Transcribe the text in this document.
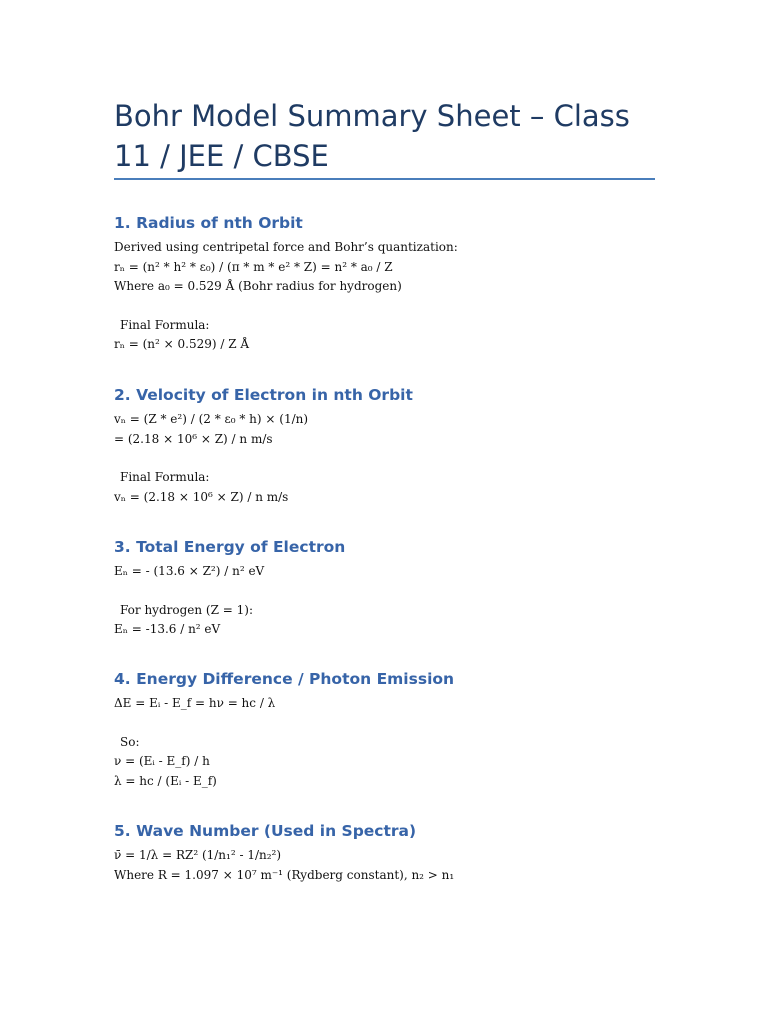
Bohr Model Summary Sheet – Class 11 / JEE / CBSE
1. Radius of nth Orbit

Derived using centripetal force and Bohr’s quantization:

rₙ = (n² * h² * ε₀) / (π * m * e² * Z) = n² * a₀ / Z

Where a₀ = 0.529 Å (Bohr radius for hydrogen)

Final Formula:

rₙ = (n² × 0.529) / Z Å

2. Velocity of Electron in nth Orbit

vₙ = (Z * e²) / (2 * ε₀ * h) × (1/n)

= (2.18 × 10⁶ × Z) / n m/s

Final Formula:

vₙ = (2.18 × 10⁶ × Z) / n m/s

3. Total Energy of Electron

Eₙ = - (13.6 × Z²) / n² eV

For hydrogen (Z = 1):

Eₙ = -13.6 / n² eV

4. Energy Difference / Photon Emission

ΔE = Eᵢ - E_f = hν = hc / λ

So:

ν = (Eᵢ - E_f) / h

λ = hc / (Eᵢ - E_f)

5. Wave Number (Used in Spectra)

ν̄ = 1/λ = RZ² (1/n₁² - 1/n₂²)

Where R = 1.097 × 10⁷ m⁻¹ (Rydberg constant), n₂ > n₁
